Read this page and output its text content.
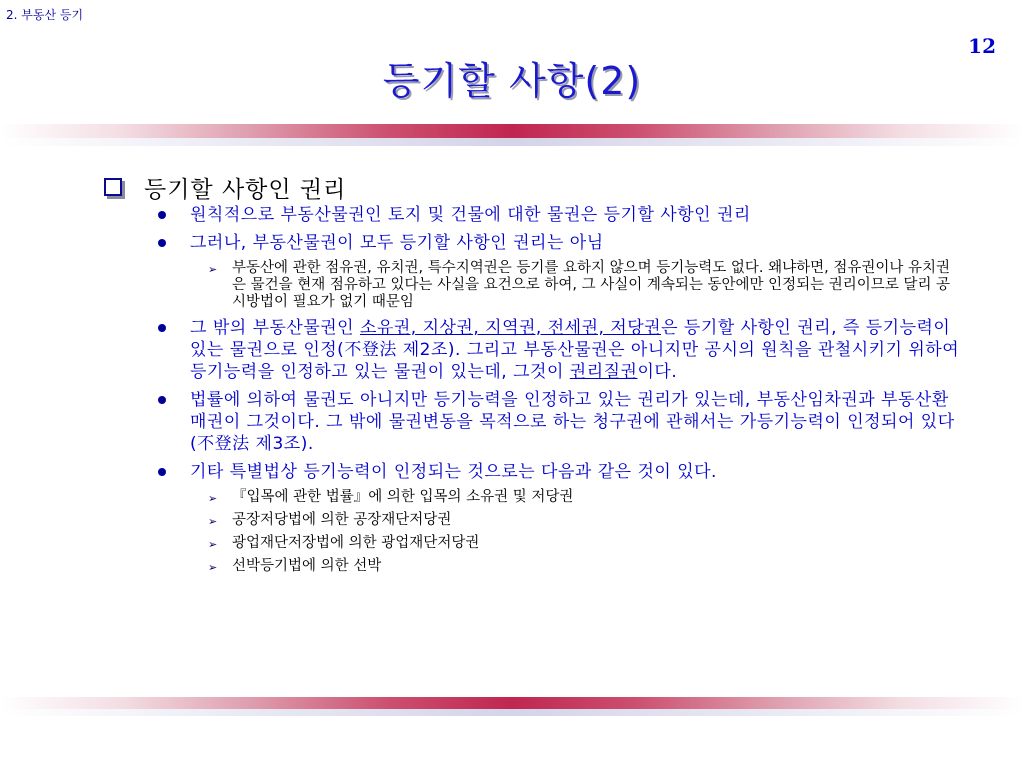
2. 부동산 등기
12
등기할 사항(2)
등기할 사항인 권리
원칙적으로 부동산물권인 토지 및 건물에 대한 물권은 등기할 사항인 권리
그러나, 부동산물권이 모두 등기할 사항인 권리는 아님
➢ 부동산에 관한 점유권, 유치권, 특수지역권은 등기를 요하지 않으며 등기능력도 없다. 왜냐하면, 점유권이나 유치권은 물건을 현재 점유하고 있다는 사실을 요건으로 하여, 그 사실이 계속되는 동안에만 인정되는 권리이므로 달리 공시방법이 필요가 없기 때문임
그 밖의 부동산물권인 소유권, 지상권, 지역권, 전세권, 저당권은 등기할 사항인 권리, 즉 등기능력이 있는 물권으로 인정(不登法 제2조). 그리고 부동산물권은 아니지만 공시의 원칙을 관철시키기 위하여 등기능력을 인정하고 있는 물권이 있는데, 그것이 권리질권이다.
법률에 의하여 물권도 아니지만 등기능력을 인정하고 있는 권리가 있는데, 부동산임차권과 부동산환매권이 그것이다. 그 밖에 물권변동을 목적으로 하는 청구권에 관해서는 가등기능력이 인정되어 있다(不登法 제3조).
기타 특별법상 등기능력이 인정되는 것으로는 다음과 같은 것이 있다.
➢ 『입목에 관한 법률』에 의한 입목의 소유권 및 저당권
➢ 공장저당법에 의한 공장재단저당권
➢ 광업재단저장법에 의한 광업재단저당권
➢ 선박등기법에 의한 선박
